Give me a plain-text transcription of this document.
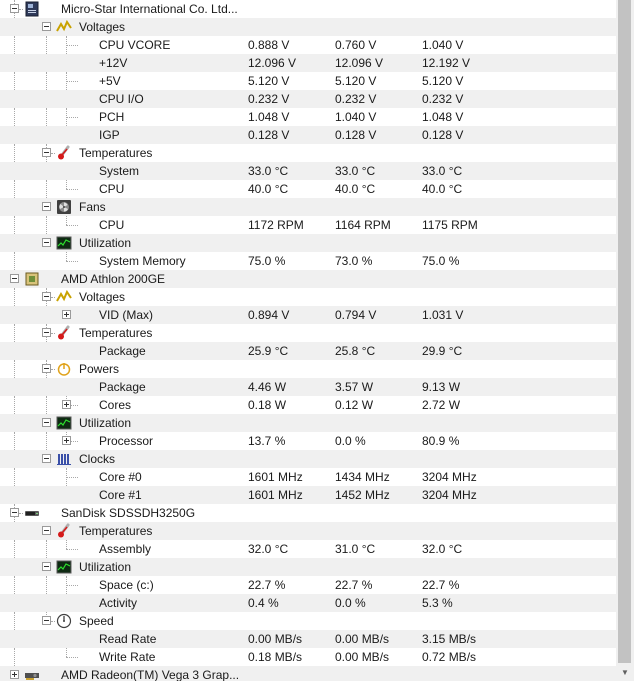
Micro-Star International Co. Ltd...
Voltages
CPU VCORE	0.888 V	0.760 V	1.040 V
+12V	12.096 V	12.096 V	12.192 V
+5V	5.120 V	5.120 V	5.120 V
CPU I/O	0.232 V	0.232 V	0.232 V
PCH	1.048 V	1.040 V	1.048 V
IGP	0.128 V	0.128 V	0.128 V
Temperatures
System	33.0 °C	33.0 °C	33.0 °C
CPU	40.0 °C	40.0 °C	40.0 °C
Fans
CPU	1172 RPM	1164 RPM	1175 RPM
Utilization
System Memory	75.0 %	73.0 %	75.0 %
AMD Athlon 200GE
Voltages
VID (Max)	0.894 V	0.794 V	1.031 V
Temperatures
Package	25.9 °C	25.8 °C	29.9 °C
Powers
Package	4.46 W	3.57 W	9.13 W
Cores	0.18 W	0.12 W	2.72 W
Utilization
Processor	13.7 %	0.0 %	80.9 %
Clocks
Core #0	1601 MHz	1434 MHz	3204 MHz
Core #1	1601 MHz	1452 MHz	3204 MHz
SanDisk SDSSDH3250G
Temperatures
Assembly	32.0 °C	31.0 °C	32.0 °C
Utilization
Space (c:)	22.7 %	22.7 %	22.7 %
Activity	0.4 %	0.0 %	5.3 %
Speed
Read Rate	0.00 MB/s	0.00 MB/s	3.15 MB/s
Write Rate	0.18 MB/s	0.00 MB/s	0.72 MB/s
AMD Radeon(TM) Vega 3 Grap...	▼
